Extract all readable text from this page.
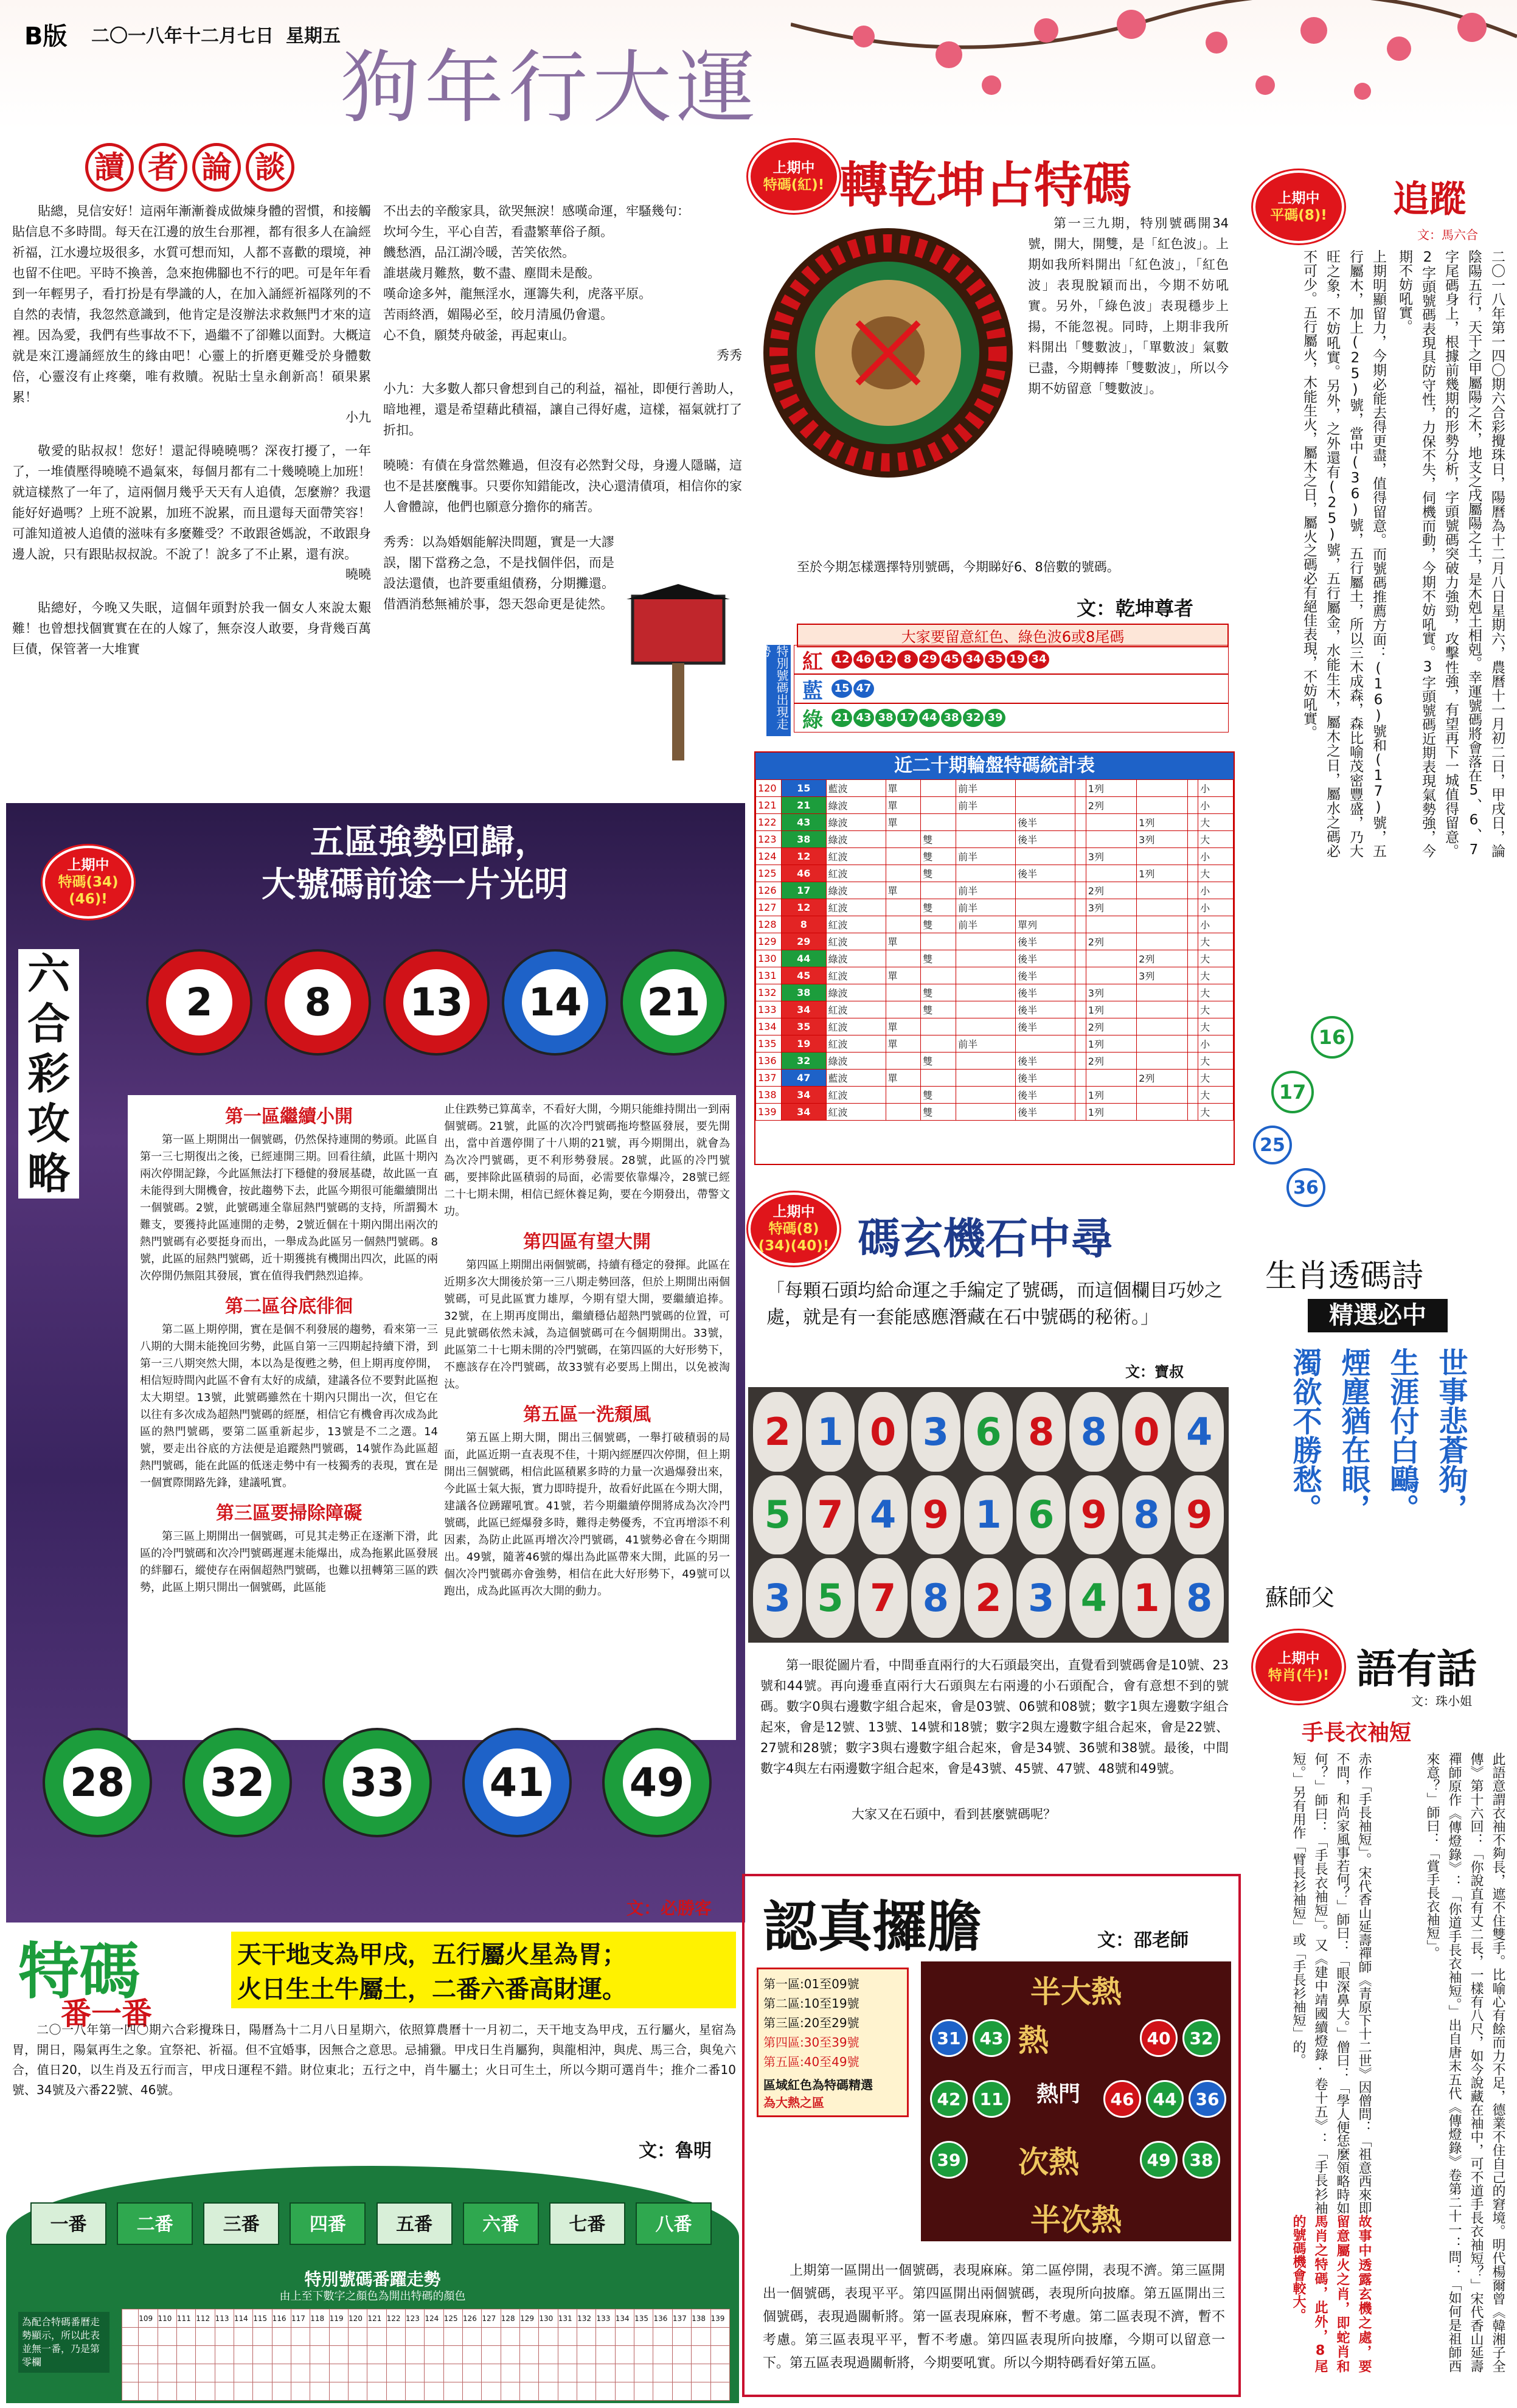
B版 二〇一八年十二月七日 星期五
狗年行大運
讀 者 論 談

貼總，見信安好！這兩年漸漸養成做煉身體的習慣，和接觸貼信息不多時間。每天在江邊的放生台那裡，都有很多人在論經祈福，江水邊垃圾很多，水質可想而知，人都不喜歡的環境，神也留不住吧。平時不換善，急來抱佛腳也不行的吧。可是年年看到一年輕男子，看打扮是有學識的人，在加入誦經祈福隊列的不自然的表情，我忽然意識到，他肯定是沒辦法求救無門才來的這裡。因為愛，我們有些事故不下，過繼不了卻難以面對。大概這就是來江邊誦經放生的緣由吧！心靈上的折磨更難受於身體數倍，心靈沒有止疼藥，唯有救贖。祝貼士皇永創新高！碩果累累！

小九

敬愛的貼叔叔！您好！還記得曉曉嗎？深夜打擾了，一年了，一堆債壓得曉曉不過氣來，每個月都有二十幾曉曉上加班！就這樣熬了一年了，這兩個月幾乎天天有人追債，怎麼辦？我還能好好過嗎？上班不說累，加班不說累，而且還每天面帶笑容！可誰知道被人追債的滋味有多麼難受？不敢跟爸媽說，不敢跟身邊人說，只有跟貼叔叔說。不說了！說多了不止累，還有淚。

曉曉

貼總好，今晚又失眠，這個年頭對於我一個女人來說太艱難！也曾想找個實實在在的人嫁了，無奈沒人敢要，身背幾百萬巨債，保管著一大堆實

不出去的辛酸家具，欲哭無淚！感嘆命運，牢騷幾句：

坎坷今生，平心自苦，看盡繁華俗子顏。

饑愁酒，品江湖冷暖，苦笑依然。

誰堪歲月難熬，數不盡、塵間未是酸。

嘆命途多舛，龍無淫水，運籌失利，虎落平原。

苦雨終酒，媚陽必至，皎月清風仍會還。

心不負，願焚舟破釜，再起東山。

秀秀

小九：大多數人都只會想到自己的利益，福祉，即便行善助人，暗地裡，還是希望藉此積福，讓自己得好處，這樣，福氣就打了折扣。

曉曉：有債在身當然難過，但沒有必然對父母，身邊人隱瞞，這也不是甚麼醜事。只要你知錯能改，決心還清債項，相信你的家人會體諒，他們也願意分擔你的痛苦。

秀秀：以為婚姻能解決問題，實是一大謬誤，閣下當務之急，不是找個伴侶，而是設法還債，也許要重組債務，分期攤還。借酒消愁無補於事，怨天怨命更是徒然。

上期中
特碼(紅)! 轉乾坤占特碼

第一三九期，特別號碼開34號，開大，開雙，是「紅色波」。上期如我所料開出「紅色波」，「紅色波」表現脫穎而出，今期不妨吼實。另外，「綠色波」表現穩步上揚，不能忽視。同時，上期非我所料開出「雙數波」，「單數波」氣數已盡，今期轉捧「雙數波」，所以今期不妨留意「雙數波」。

至於今期怎樣選擇特別號碼，今期睇好6、8倍數的號碼。

文：乾坤尊者
大家要留意紅色、綠色波6或8尾碼
特別號碼出現走勢	紅	12 46 12 8 29 45 34 35 19 34
藍	15 47
綠	21 43 38 17 44 38 32 39
近二十期輪盤特碼統計表
120	15	藍波	單		前半			1列			小
121	21	綠波	單		前半			2列			小
122	43	綠波	單			後半			1列		大
123	38	綠波		雙		後半			3列		大
124	12	紅波		雙	前半			3列			小
125	46	紅波		雙		後半			1列		大
126	17	綠波	單		前半			2列			小
127	12	紅波		雙	前半			3列			小
128	8	紅波		雙	前半	單列					小
129	29	紅波	單			後半		2列			大
130	44	綠波		雙		後半			2列		大
131	45	紅波	單			後半			3列		大
132	38	綠波		雙		後半		3列			大
133	34	紅波		雙		後半		1列			大
134	35	紅波	單			後半		2列			大
135	19	紅波	單		前半			1列			小
136	32	綠波		雙		後半		2列			大
137	47	藍波	單			後半			2列		大
138	34	紅波		雙		後半		1列			大
139	34	紅波		雙		後半		1列			大
上期中
平碼(8)! 追蹤
文：馬六合
上期明顯留力，今期必能去得更盡，值得留意。而號碼推薦方面：(16)號和(17)號，五行屬木，加上(25)號，當中(36)號，五行屬土，所以三木成森，森比喻茂密豐盛，乃大旺之象，不妨吼實。另外，之外還有(25)號，五行屬金，水能生木，屬木之日，屬水之碼必不可少。五行屬火，木能生火，屬木之日，屬火之碼必有絕佳表現，不妨吼實。	二〇一八年第一四〇期六合彩攪珠日，陽曆為十二月八日星期六，農曆十一月初二日，甲戌日，論陰陽五行，天干之甲屬陽之木，地支之戌屬陽之土，是木剋土相剋。幸運號碼將會落在5、6、7字尾碼身上，根據前幾期的形勢分析，字頭號碼突破力強勁，攻擊性強，有望再下一城值得留意。2字頭號碼表現具防守性，力保不失，伺機而動，今期不妨吼實。3字頭號碼近期表現氣勢強，今期不妨吼實。
16
17
25
36
生肖透碼詩
精選必中
世事悲蒼狗，
生涯付白鷗。
煙塵猶在眼，
濁欲不勝愁。
蘇師父
上期中
特肖(牛)! 語有話
文：珠小姐
手長衣袖短
此語意謂衣袖不夠長，遮不住雙手。比喻心有餘而力不足，德業不住自己的窘境。明代楊爾曾《韓湘子全傳》第十六回：「你說直有丈二長，一樣有八尺，如今說藏在袖中，可不道手長衣袖短？」宋代香山延壽禪師原作《傳燈錄》：「你道手長衣袖短。」出自唐末五代《傳燈錄》卷第二十一：問：「如何是祖師西來意？」師曰：「賞手長衣袖短」。
赤作「手長袖短」。宋代香山延壽禪師《青原下十二世》因僧問：「祖意西來即不問，和尚家風事若何？」師曰：「眼深鼻大。」僧曰：「學人便恁麼領略時如何？」師曰：「手長衣袖短」。又《建中靖國續燈錄·卷十五》：「手長衫袖短。」另有用作「臂長衫袖短」或「手長衫袖短」的。
故事中透露玄機之處，要留意屬火之肖，即蛇肖和馬肖之特碼，此外，8尾的號碼機會較大。
上期中
特碼(34)
(46)!
五區強勢回歸，
大號碼前途一片光明
六合彩攻略
2	8	13 14 21
第一區繼續小開

第一區上期開出一個號碼，仍然保持連開的勢頭。此區自第一三七期復出之後，已經連開三期。回看往績，此區十期內兩次停開記錄，今此區無法打下穩健的發展基礎，故此區一直未能得到大開機會，按此趨勢下去，此區今期很可能繼續開出一個號碼。2號，此號碼連全靠屈熱門號碼的支持，所謂獨木難支，要獲持此區連開的走勢，2號近個在十期內開出兩次的熱門號碼有必要挺身而出，一舉成為此區另一個熱門號碼。8號，此區的屈熱門號碼，近十期獲挑有機開出四次，此區的兩次停開仍無阻其發展，實在值得我們熱烈追捧。

第二區谷底徘徊

第二區上期停開，實在是個不利發展的趨勢，看來第一三八期的大開未能挽回劣勢，此區自第一三四期起持續下滑，到第一三八期突然大開，本以為是復甦之勢，但上期再度停開，相信短時間內此區不會有太好的成績，建議各位不要對此區抱太大期望。13號，此號碼雖然在十期內只開出一次，但它在以往有多次成為超熱門號碼的經歷，相信它有機會再次成為此區的熱門號碼，要第二區重新起步，13號是不二之選。14號，要走出谷底的方法便是追蹤熱門號碼，14號作為此區超熱門號碼，能在此區的低迷走勢中有一枝獨秀的表現，實在是一個實際開路先鋒，建議吼實。

第三區要掃除障礙

第三區上期開出一個號碼，可見其走勢正在逐漸下滑，此區的冷門號碼和次冷門號碼遲遲未能爆出，成為拖累此區發展的絆腳石，縱使存在兩個超熱門號碼，也難以扭轉第三區的跌勢，此區上期只開出一個號碼，此區能

止住跌勢已算萬幸，不看好大開，今期只能維持開出一到兩個號碼。21號，此區的次冷門號碼拖垮整區發展，要先開出，當中首選停開了十八期的21號，再今期開出，就會為為次冷門號碼，更不利形勢發展。28號，此區的冷門號碼，要摔除此區積弱的局面，必需要依靠爆冷，28號已經二十七期未開，相信已經休養足夠，要在今期發出，帶警文功。

第四區有望大開

第四區上期開出兩個號碼，持續有穩定的發揮。此區在近期多次大開後於第一三八期走勢回落，但於上期開出兩個號碼，可見此區實力雄厚，今期有望大開，要繼續追捧。32號，在上期再度開出，繼續穩佔超熱門號碼的位置，可見此號碼依然未減，為這個號碼可在今個期開出。33號，此區第二十七期未開的冷門號碼，在第四區的大好形勢下，不應該存在冷門號碼，故33號有必要馬上開出，以免被淘汰。

第五區一洗頹風

第五區上期大開，開出三個號碼，一舉打破積弱的局面，此區近期一直表現不佳，十期內經歷四次停開，但上期開出三個號碼，相信此區積累多時的力量一次過爆發出來，今此區士氣大振，實力即時提升，故看好此區在今期大開，建議各位踴躍吼實。41號，若今期繼續停開將成為次冷門號碼，此區已經爆發多時，難得走勢優秀，不宜再增添不利因素，為防止此區再增次冷門號碼，41號勢必會在今期開出。49號，隨著46號的爆出為此區帶來大開，此區的另一個次冷門號碼亦會強勢，相信在此大好形勢下，49號可以跑出，成為此區再次大開的動力。

28 32 33 41 49
文：必勝客
上期中
特碼(8)
(34)(40)! 碼玄機石中尋

「每顆石頭均給命運之手編定了號碼，而這個欄目巧妙之處，就是有一套能感應潛藏在石中號碼的秘術。」

文：寶叔
2 1 0 3 6 8 8 0 4
5 7 4 9 1 6 9 8 9
3 5 7 8 2 3 4 1 8

第一眼從圖片看，中間垂直兩行的大石頭最突出，直覺看到號碼會是10號、23號和44號。再向邊垂直兩行大石頭與左右兩邊的小石頭配合，會有意想不到的號碼。數字0與右邊數字組合起來，會是03號、06號和08號；數字1與左邊數字組合起來，會是12號、13號、14號和18號；數字2與左邊數字組合起來，會是22號、27號和28號；數字3與右邊數字組合起來，會是34號、36號和38號。最後，中間數字4與左右兩邊數字組合起來，會是43號、45號、47號、48號和49號。

大家又在石頭中，看到甚麼號碼呢？

認真攞膽	文：邵老師
第一區:01至09號
第二區:10至19號
第三區:20至29號
第四區:30至39號
第五區:40至49號
區域紅色為特碼精選
為大熱之區
半大熱
熱
熱門
次熱
半次熱
31	43	40	32
42	11	46	44	36
39	49	38

上期第一區開出一個號碼，表現麻麻。第二區停開，表現不濟。第三區開出一個號碼，表現平平。第四區開出兩個號碼，表現所向披靡。第五區開出三個號碼，表現過關斬將。第一區表現麻麻，暫不考慮。第二區表現不濟，暫不考慮。第三區表現平平，暫不考慮。第四區表現所向披靡，今期可以留意一下。第五區表現過關斬將，今期要吼實。所以今期特碼看好第五區。

特碼
番一番
天干地支為甲戌，五行屬火星為胃；
火日生土牛屬土，二番六番高財運。

二〇一八年第一四〇期六合彩攪珠日，陽曆為十二月八日星期六，依照算農曆十一月初二，天干地支為甲戌，五行屬火，星宿為胃，開日，陽氣再生之象。宜祭祀、祈福。但不宜婚事，因無合之意思。忌捕獵。甲戌日生肖屬狗，與龍相沖，與虎、馬三合，與兔六合，值日20，以生肖及五行而言，甲戌日運程不錯。財位東北；五行之中，肖牛屬土；火日可生土，所以今期可選肖牛；推介二番10號、34號及六番22號、46號。

文：魯明
一番	二番	三番	四番	五番	六番	七番	八番
特別號碼番躍走勢
由上至下數字之顏色為開出特碼的顏色
為配合特碼番曆走勢顯示，所以此表並無一番，乃是第零欄
	109	110	111	112	113	114	115	116	117	118	119	120	121	122	123	124	125	126	127	128	129	130	131	132	133	134	135	136	137	138	139
